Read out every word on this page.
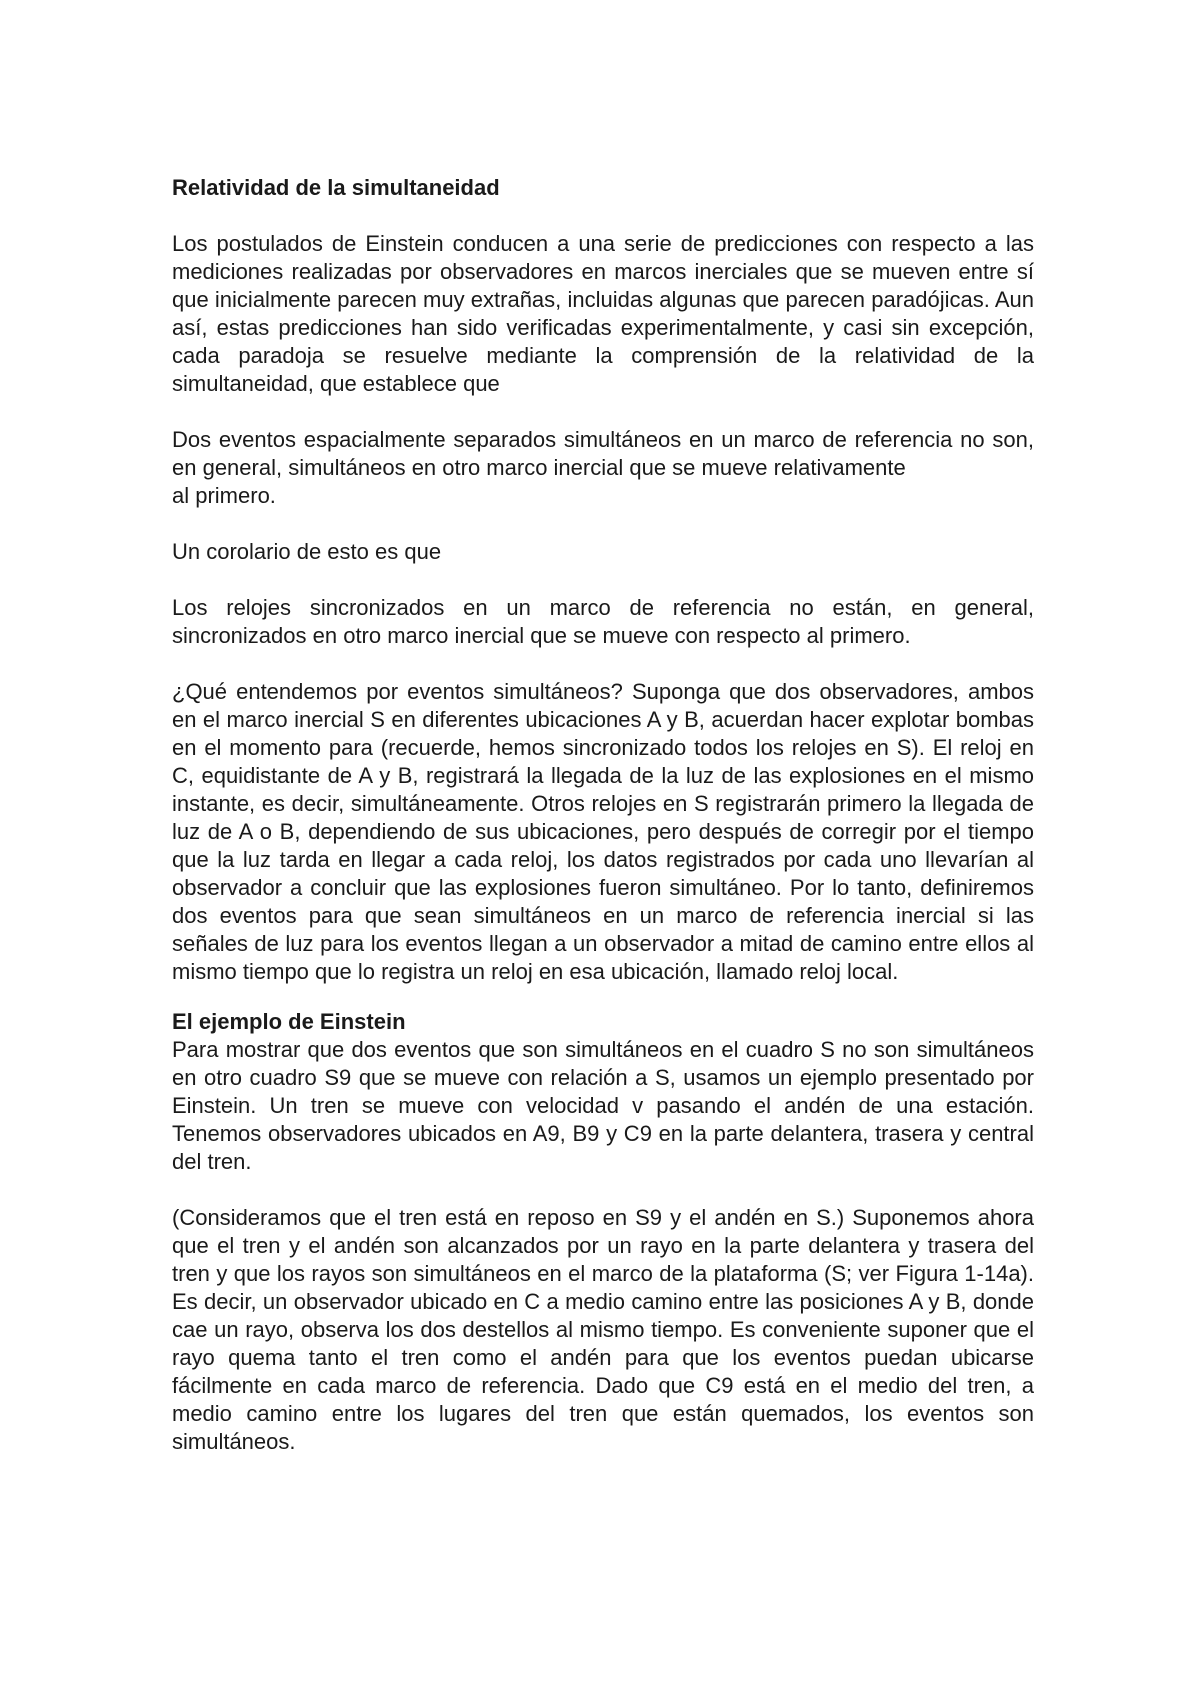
Relatividad de la simultaneidad

Los postulados de Einstein conducen a una serie de predicciones con respecto a las mediciones realizadas por observadores en marcos inerciales que se mueven entre sí que inicialmente parecen muy extrañas, incluidas algunas que parecen paradójicas. Aun así, estas predicciones han sido verificadas experimentalmente, y casi sin excepción, cada paradoja se resuelve mediante la comprensión de la relatividad de la simultaneidad, que establece que

Dos eventos espacialmente separados simultáneos en un marco de referencia no son, en general, simultáneos en otro marco inercial que se mueve relativamente

al primero.

Un corolario de esto es que

Los relojes sincronizados en un marco de referencia no están, en general, sincronizados en otro marco inercial que se mueve con respecto al primero.

¿Qué entendemos por eventos simultáneos? Suponga que dos observadores, ambos en el marco inercial S en diferentes ubicaciones A y B, acuerdan hacer explotar bombas en el momento para (recuerde, hemos sincronizado todos los relojes en S). El reloj en C, equidistante de A y B, registrará la llegada de la luz de las explosiones en el mismo instante, es decir, simultáneamente. Otros relojes en S registrarán primero la llegada de luz de A o B, dependiendo de sus ubicaciones, pero después de corregir por el tiempo que la luz tarda en llegar a cada reloj, los datos registrados por cada uno llevarían al observador a concluir que las explosiones fueron simultáneo. Por lo tanto, definiremos dos eventos para que sean simultáneos en un marco de referencia inercial si las señales de luz para los eventos llegan a un observador a mitad de camino entre ellos al mismo tiempo que lo registra un reloj en esa ubicación, llamado reloj local.

El ejemplo de Einstein

Para mostrar que dos eventos que son simultáneos en el cuadro S no son simultáneos en otro cuadro S9 que se mueve con relación a S, usamos un ejemplo presentado por Einstein. Un tren se mueve con velocidad v pasando el andén de una estación. Tenemos observadores ubicados en A9, B9 y C9 en la parte delantera, trasera y central del tren.

(Consideramos que el tren está en reposo en S9 y el andén en S.) Suponemos ahora que el tren y el andén son alcanzados por un rayo en la parte delantera y trasera del tren y que los rayos son simultáneos en el marco de la plataforma (S; ver Figura 1-14a). Es decir, un observador ubicado en C a medio camino entre las posiciones A y B, donde cae un rayo, observa los dos destellos al mismo tiempo. Es conveniente suponer que el rayo quema tanto el tren como el andén para que los eventos puedan ubicarse fácilmente en cada marco de referencia. Dado que C9 está en el medio del tren, a medio camino entre los lugares del tren que están quemados, los eventos son simultáneos.
